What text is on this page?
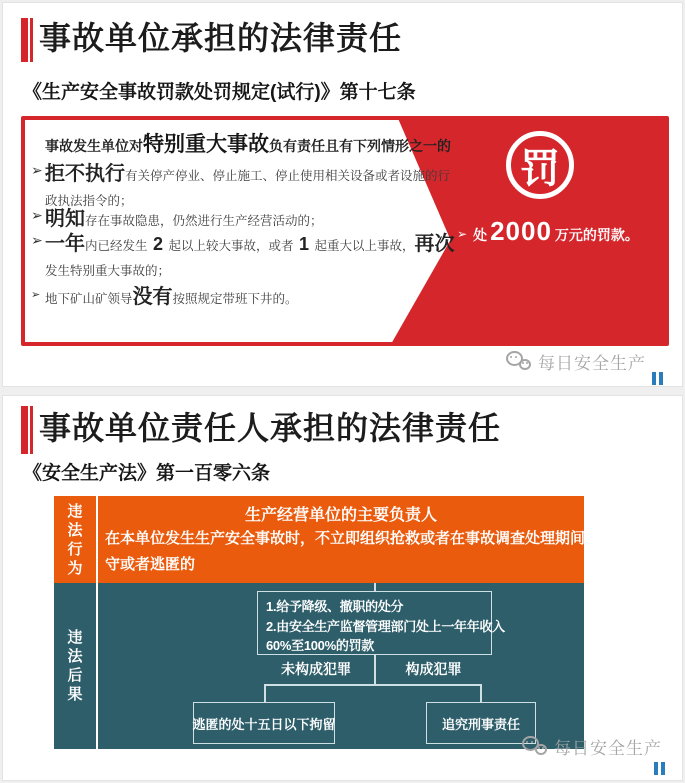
事故单位承担的法律责任
《生产安全事故罚款处罚规定(试行)》第十七条
事故发生单位对特别重大事故负有责任且有下列情形之一的
➢ 拒不执行有关停产停业、停止施工、停止使用相关设备或者设施的行
政执法指令的；
➢ 明知存在事故隐患，仍然进行生产经营活动的；
➢ 一年内已经发生 2 起以上较大事故，或者 1 起重大以上事故，再次
发生特别重大事故的；
➢ 地下矿山矿领导没有按照规定带班下井的。
罚
➢ 处 2000 万元的罚款。
每日安全生产
事故单位责任人承担的法律责任
《安全生产法》第一百零六条
违法行为
生产经营单位的主要负责人
在本单位发生生产安全事故时，不立即组织抢救或者在事故调查处理期间擅离职
守或者逃匿的
违法后果
1.给予降级、撤职的处分
2.由安全生产监督管理部门处上一年年收入
60%至100%的罚款
未构成犯罪	构成犯罪
逃匿的处十五日以下拘留	追究刑事责任
每日安全生产
